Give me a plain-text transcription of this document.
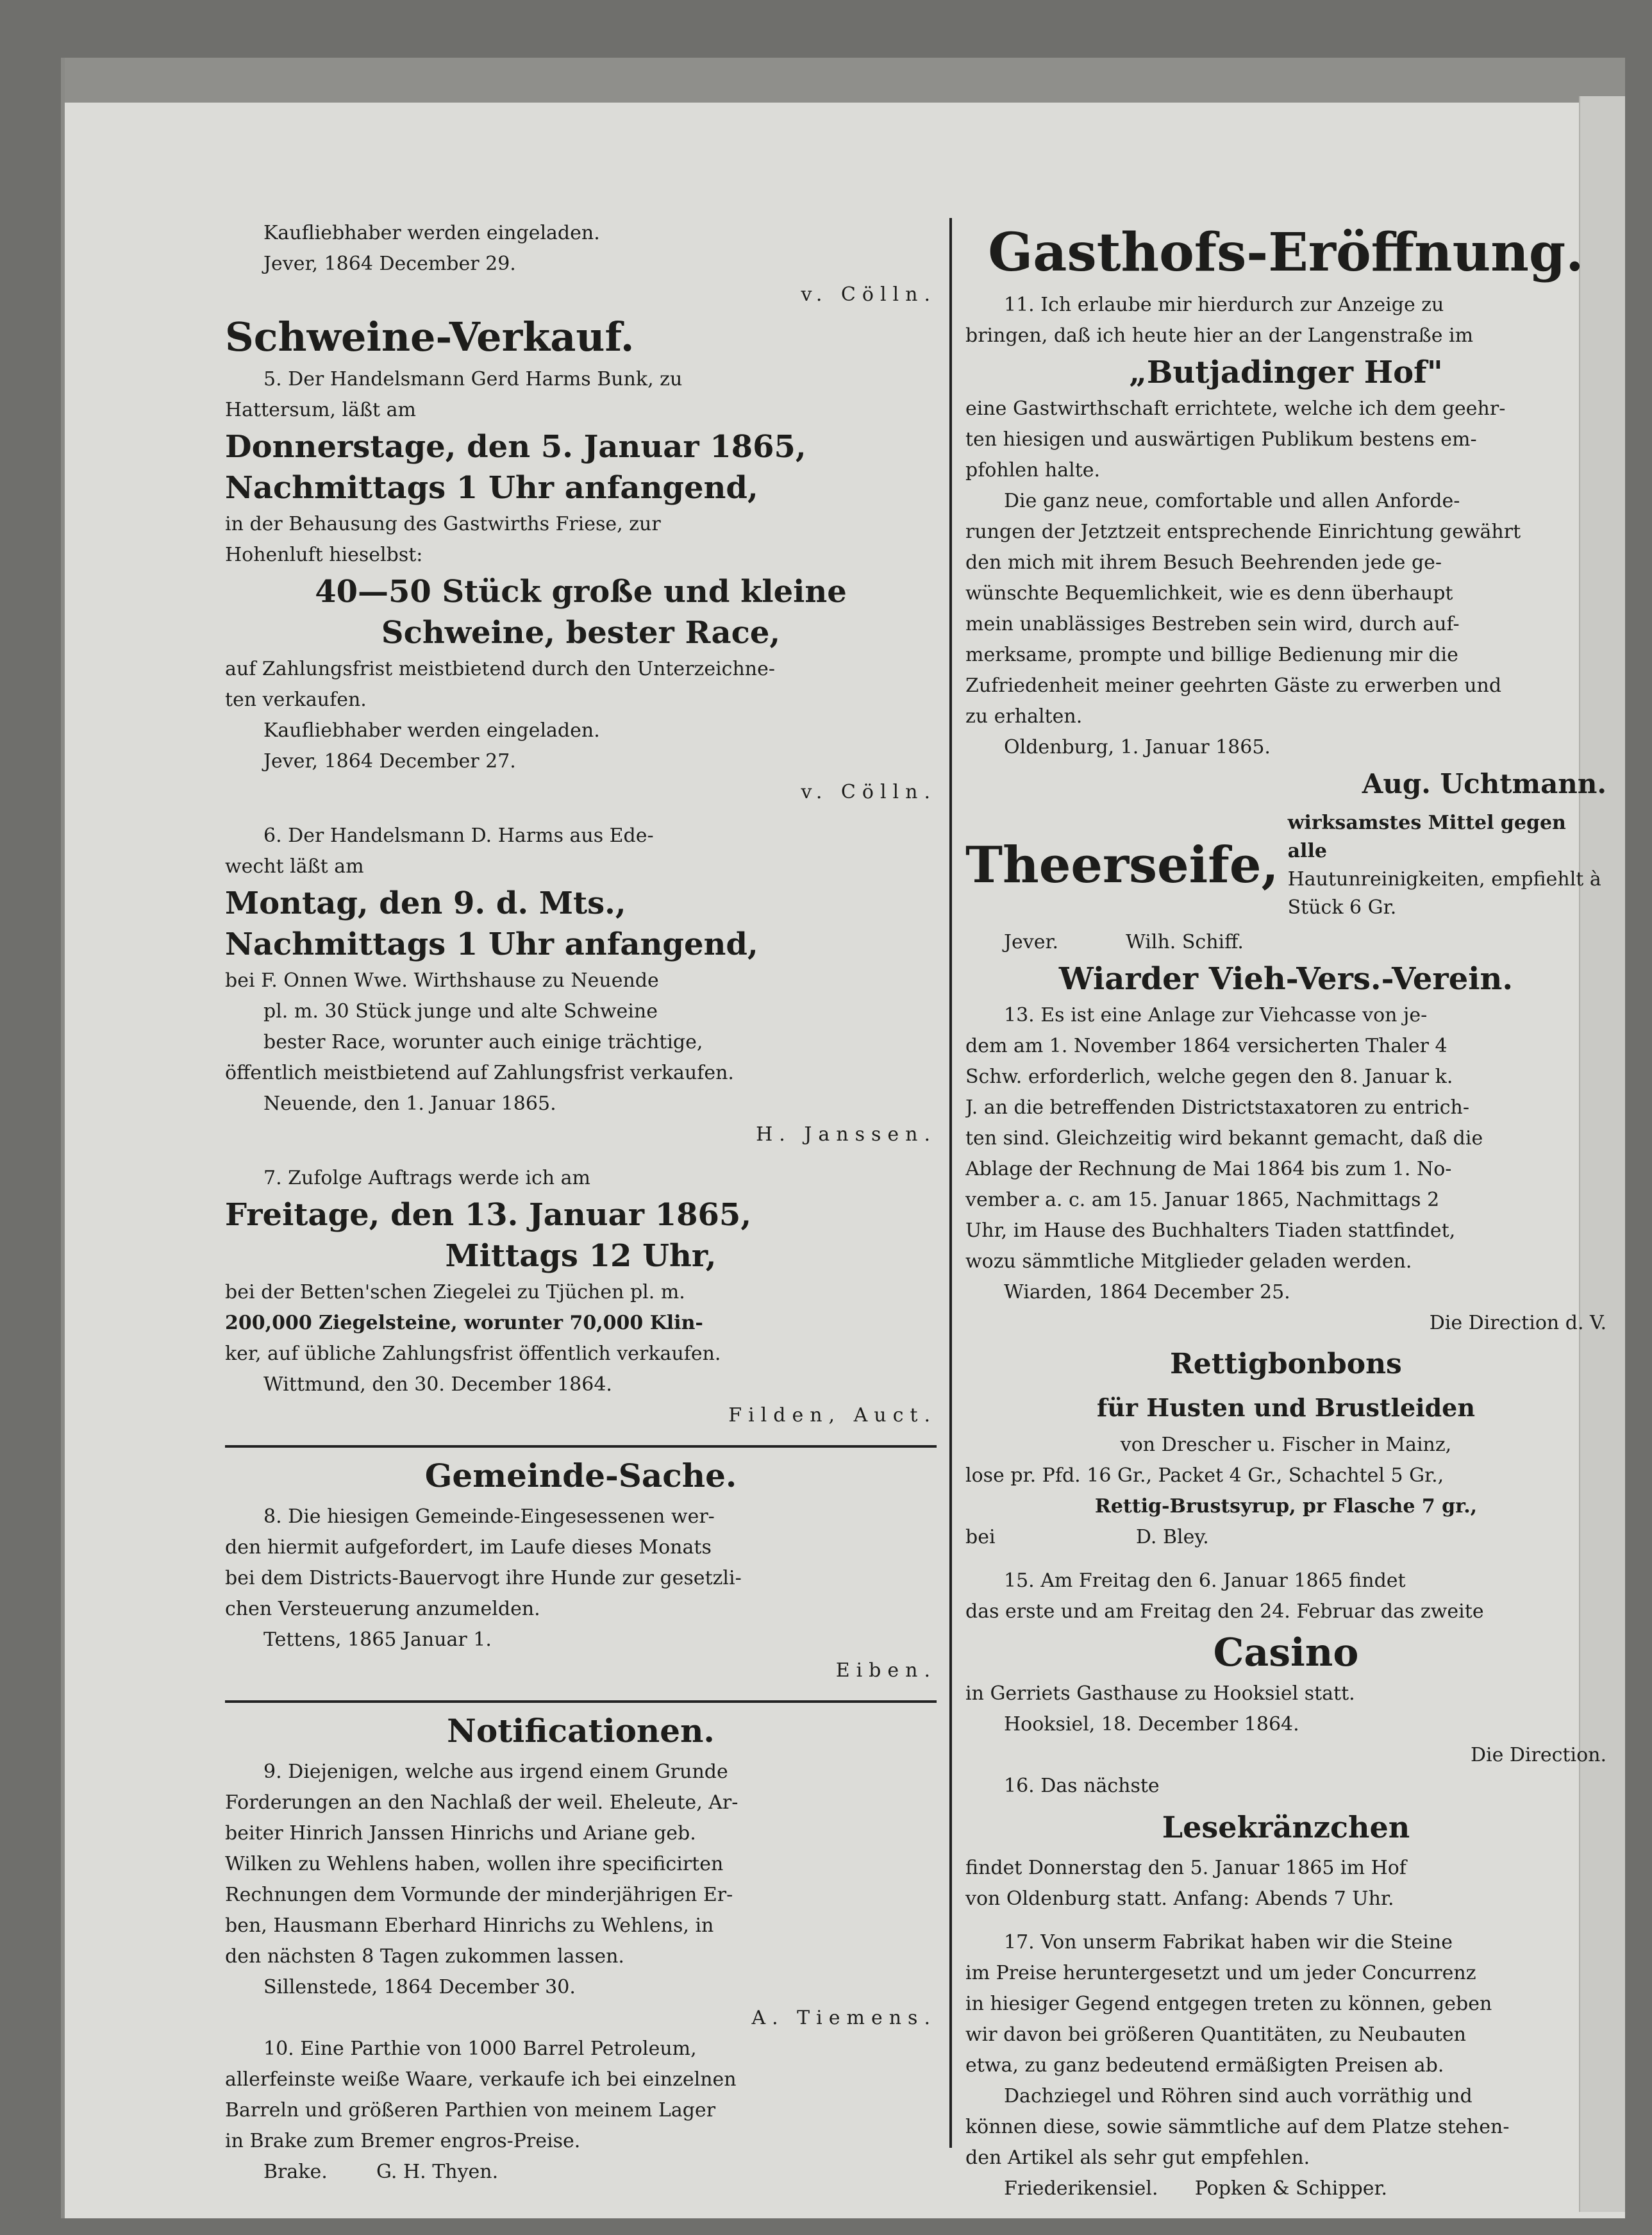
Kaufliebhaber werden eingeladen.

Jever, 1864 December 29.

v. Cölln.

Schweine-Verkauf.

5. Der Handelsmann Gerd Harms Bunk, zu

Hattersum, läßt am

Donnerstage, den 5. Januar 1865,
Nachmittags 1 Uhr anfangend,

in der Behausung des Gastwirths Friese, zur

Hohenluft hieselbst:

40—50 Stück große und kleine
Schweine, bester Race,

auf Zahlungsfrist meistbietend durch den Unterzeichne-

ten verkaufen.

Kaufliebhaber werden eingeladen.

Jever, 1864 December 27.

v. Cölln.

6. Der Handelsmann D. Harms aus Ede-

wecht läßt am

Montag, den 9. d. Mts.,
Nachmittags 1 Uhr anfangend,

bei F. Onnen Wwe. Wirthshause zu Neuende

pl. m. 30 Stück junge und alte Schweine

bester Race, worunter auch einige trächtige,

öffentlich meistbietend auf Zahlungsfrist verkaufen.

Neuende, den 1. Januar 1865.

H. Janssen.

7. Zufolge Auftrags werde ich am

Freitage, den 13. Januar 1865,
Mittags 12 Uhr,

bei der Betten'schen Ziegelei zu Tjüchen pl. m.

200,000 Ziegelsteine, worunter 70,000 Klin-

ker, auf übliche Zahlungsfrist öffentlich verkaufen.

Wittmund, den 30. December 1864.

Filden, Auct.

Gemeinde-Sache.

8. Die hiesigen Gemeinde-Eingesessenen wer-

den hiermit aufgefordert, im Laufe dieses Monats

bei dem Districts-Bauervogt ihre Hunde zur gesetzli-

chen Versteuerung anzumelden.

Tettens, 1865 Januar 1.

Eiben.

Notificationen.

9. Diejenigen, welche aus irgend einem Grunde

Forderungen an den Nachlaß der weil. Eheleute, Ar-

beiter Hinrich Janssen Hinrichs und Ariane geb.

Wilken zu Wehlens haben, wollen ihre specificirten

Rechnungen dem Vormunde der minderjährigen Er-

ben, Hausmann Eberhard Hinrichs zu Wehlens, in

den nächsten 8 Tagen zukommen lassen.

Sillenstede, 1864 December 30.

A. Tiemens.

10. Eine Parthie von 1000 Barrel Petroleum,

allerfeinste weiße Waare, verkaufe ich bei einzelnen

Barreln und größeren Parthien von meinem Lager

in Brake zum Bremer engros-Preise.

Brake.        G. H. Thyen.

Gasthofs-Eröffnung.

11. Ich erlaube mir hierdurch zur Anzeige zu

bringen, daß ich heute hier an der Langenstraße im

„Butjadinger Hof"

eine Gastwirthschaft errichtete, welche ich dem geehr-

ten hiesigen und auswärtigen Publikum bestens em-

pfohlen halte.

Die ganz neue, comfortable und allen Anforde-

rungen der Jetztzeit entsprechende Einrichtung gewährt

den mich mit ihrem Besuch Beehrenden jede ge-

wünschte Bequemlichkeit, wie es denn überhaupt

mein unablässiges Bestreben sein wird, durch auf-

merksame, prompte und billige Bedienung mir die

Zufriedenheit meiner geehrten Gäste zu erwerben und

zu erhalten.

Oldenburg, 1. Januar 1865.

Aug. Uchtmann.
Theerseife,
wirksamstes Mittel gegen alle
Hautunreinigkeiten, empfiehlt à
Stück 6 Gr.

Jever.           Wilh. Schiff.

Wiarder Vieh-Vers.-Verein.

13. Es ist eine Anlage zur Viehcasse von je-

dem am 1. November 1864 versicherten Thaler 4

Schw. erforderlich, welche gegen den 8. Januar k.

J. an die betreffenden Districtstaxatoren zu entrich-

ten sind. Gleichzeitig wird bekannt gemacht, daß die

Ablage der Rechnung de Mai 1864 bis zum 1. No-

vember a. c. am 15. Januar 1865, Nachmittags 2

Uhr, im Hause des Buchhalters Tiaden stattfindet,

wozu sämmtliche Mitglieder geladen werden.

Wiarden, 1864 December 25.

Die Direction d. V.

Rettigbonbons
für Husten und Brustleiden

von Drescher u. Fischer in Mainz,

lose pr. Pfd. 16 Gr., Packet 4 Gr., Schachtel 5 Gr.,

Rettig-Brustsyrup, pr Flasche 7 gr.,

bei                       D. Bley.

15. Am Freitag den 6. Januar 1865 findet

das erste und am Freitag den 24. Februar das zweite

Casino

in Gerriets Gasthause zu Hooksiel statt.

Hooksiel, 18. December 1864.

Die Direction.

16. Das nächste

Lesekränzchen

findet Donnerstag den 5. Januar 1865 im Hof

von Oldenburg statt. Anfang: Abends 7 Uhr.

17. Von unserm Fabrikat haben wir die Steine

im Preise heruntergesetzt und um jeder Concurrenz

in hiesiger Gegend entgegen treten zu können, geben

wir davon bei größeren Quantitäten, zu Neubauten

etwa, zu ganz bedeutend ermäßigten Preisen ab.

Dachziegel und Röhren sind auch vorräthig und

können diese, sowie sämmtliche auf dem Platze stehen-

den Artikel als sehr gut empfehlen.

Friederikensiel.      Popken & Schipper.
